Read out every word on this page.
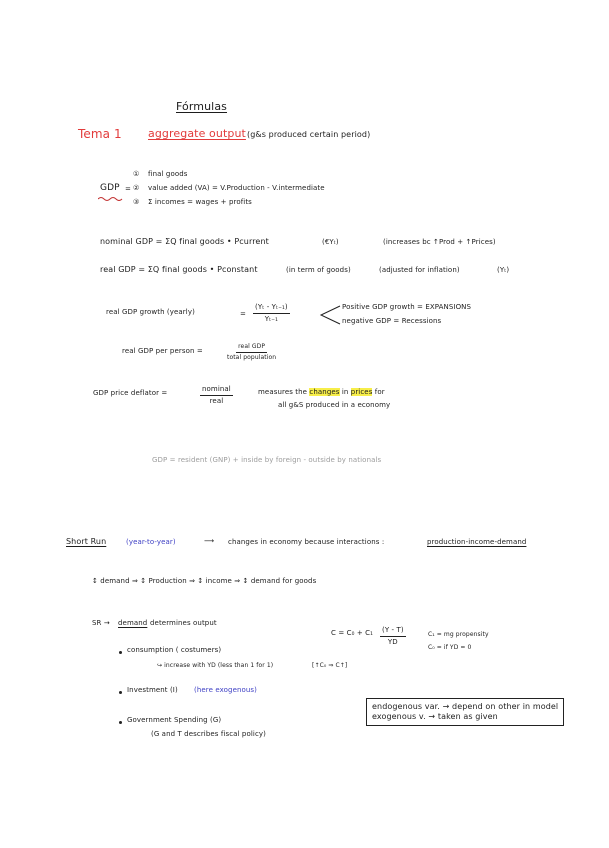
Fórmulas
Tema 1 aggregate output (g&s produced certain period)
① final goods
GDP = ② value added (VA) = V.Production - V.intermediate
③ Σ incomes = wages + profits
nominal GDP = ΣQ final goods • Pcurrent	(€Yₜ)	(increases bc ↑Prod + ↑Prices)
real GDP = ΣQ final goods • Pconstant	(in term of goods)	(adjusted for inflation)	(Yₜ)
real GDP growth (yearly)	= $\frac{\text{(Yₜ - Yₜ₋₁)}}{\text{Yₜ₋₁}}$	Positive GDP growth = EXPANSIONS
negative GDP = Recessions
real GDP per person =
real GDP
total population
GDP price deflator =	nominal
real
measures the changes in prices for
all g&S produced in a economy
GDP = resident (GNP) + inside by foreign - outside by nationals
Short Run	(year-to-year)	⟶ changes in economy because interactions :	production-income-demand
↕ demand ⇒ ↕ Production ⇒ ↕ income ⇒ ↕ demand for goods
SR → demand determines output
$C = C_0 + C_1 \frac{(Y - T)}{YD}$	C₁ = mg propensity
C₀ = if YD = 0
consumption ( costumers)
↪ increase with YD (less than 1 for 1)	[↑C₀ ⇒ C↑]
Investment (I) (here exogenous)
Government Spending (G)
(G and T describes fiscal policy)
endogenous var. → depend on other in model
exogenous v. → taken as given
